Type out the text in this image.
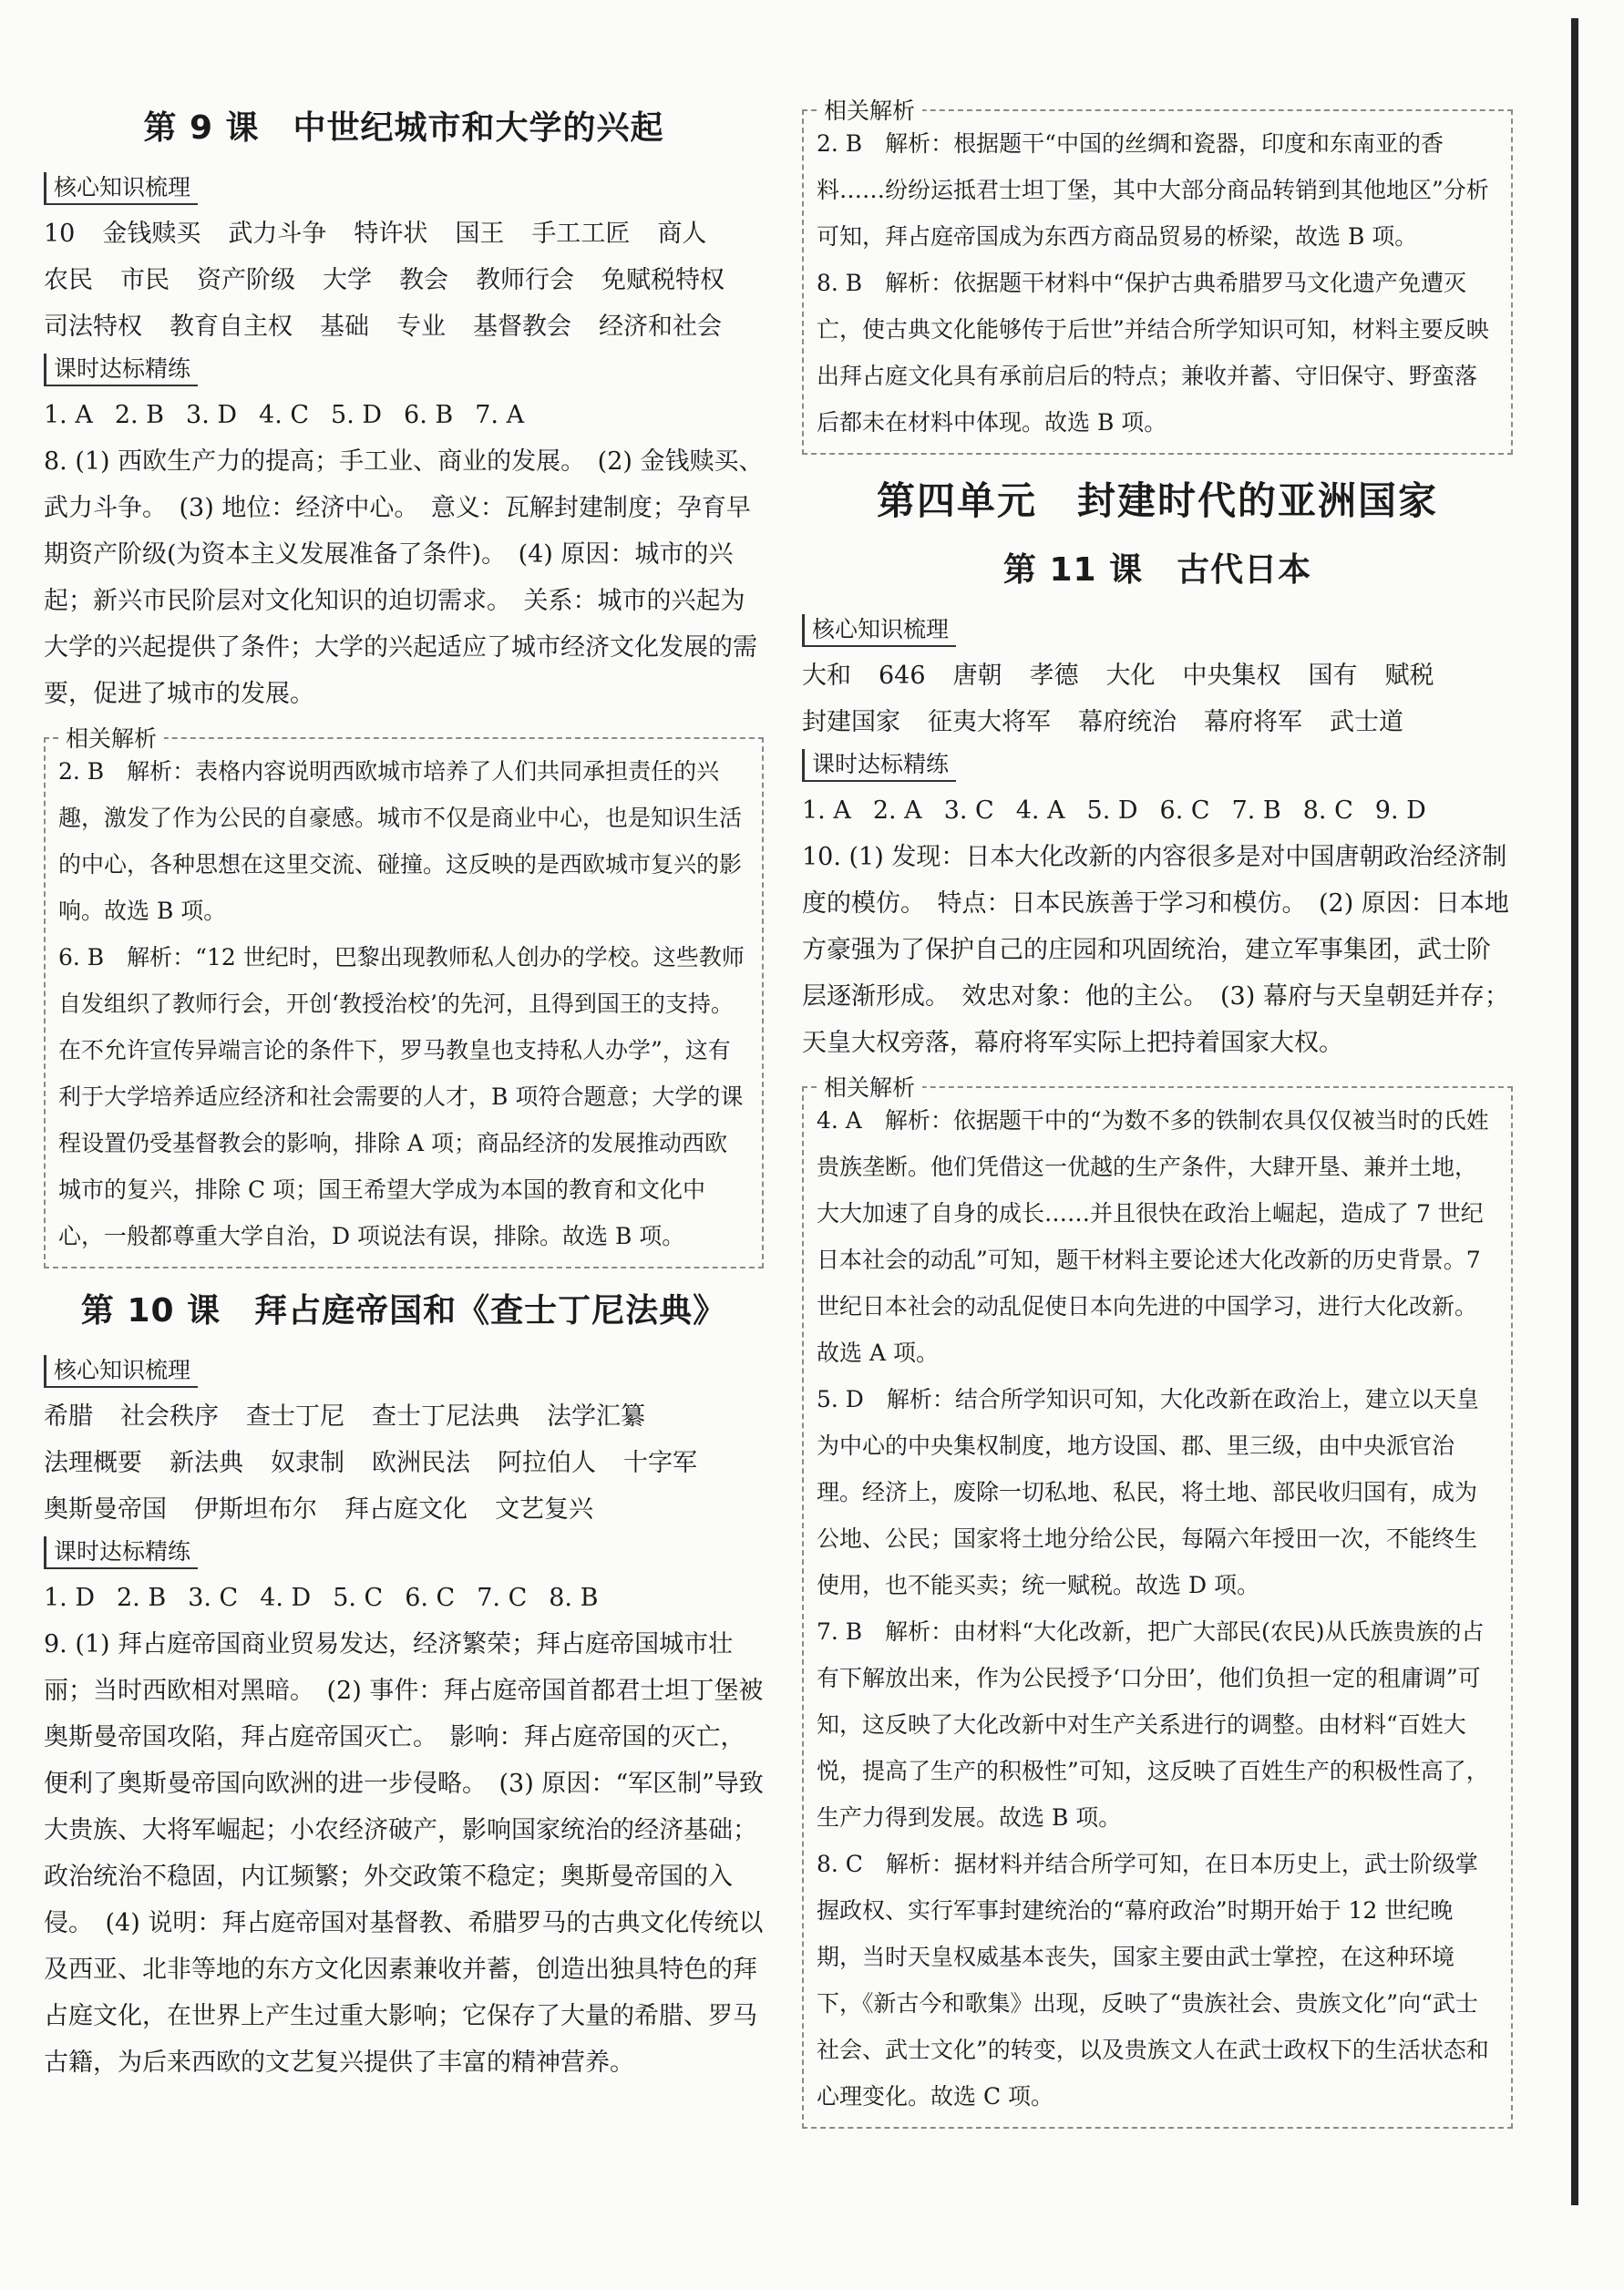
第 9 课　中世纪城市和大学的兴起
核心知识梳理

10 金钱赎买 武力斗争 特许状 国王 手工工匠 商人农民 市民 资产阶级 大学 教会 教师行会 免赋税特权司法特权 教育自主权 基础 专业 基督教会 经济和社会

课时达标精练

1. A 2. B 3. D 4. C 5. D 6. B 7. A

8. (1) 西欧生产力的提高；手工业、商业的发展。　(2) 金钱赎买、武力斗争。　(3) 地位：经济中心。　意义：瓦解封建制度；孕育早期资产阶级(为资本主义发展准备了条件)。　(4) 原因：城市的兴起；新兴市民阶层对文化知识的迫切需求。　关系：城市的兴起为大学的兴起提供了条件；大学的兴起适应了城市经济文化发展的需要，促进了城市的发展。

相关解析

2. B　解析：表格内容说明西欧城市培养了人们共同承担责任的兴趣，激发了作为公民的自豪感。城市不仅是商业中心，也是知识生活的中心，各种思想在这里交流、碰撞。这反映的是西欧城市复兴的影响。故选 B 项。

6. B　解析：“12 世纪时，巴黎出现教师私人创办的学校。这些教师自发组织了教师行会，开创‘教授治校’的先河，且得到国王的支持。在不允许宣传异端言论的条件下，罗马教皇也支持私人办学”，这有利于大学培养适应经济和社会需要的人才，B 项符合题意；大学的课程设置仍受基督教会的影响，排除 A 项；商品经济的发展推动西欧城市的复兴，排除 C 项；国王希望大学成为本国的教育和文化中心，一般都尊重大学自治，D 项说法有误，排除。故选 B 项。

第 10 课　拜占庭帝国和《查士丁尼法典》
核心知识梳理

希腊 社会秩序 查士丁尼 查士丁尼法典 法学汇纂法理概要 新法典 奴隶制 欧洲民法 阿拉伯人 十字军奥斯曼帝国 伊斯坦布尔 拜占庭文化 文艺复兴

课时达标精练

1. D 2. B 3. C 4. D 5. C 6. C 7. C 8. B

9. (1) 拜占庭帝国商业贸易发达，经济繁荣；拜占庭帝国城市壮丽；当时西欧相对黑暗。　(2) 事件：拜占庭帝国首都君士坦丁堡被奥斯曼帝国攻陷，拜占庭帝国灭亡。　影响：拜占庭帝国的灭亡，便利了奥斯曼帝国向欧洲的进一步侵略。　(3) 原因：“军区制”导致大贵族、大将军崛起；小农经济破产，影响国家统治的经济基础；政治统治不稳固，内讧频繁；外交政策不稳定；奥斯曼帝国的入侵。　(4) 说明：拜占庭帝国对基督教、希腊罗马的古典文化传统以及西亚、北非等地的东方文化因素兼收并蓄，创造出独具特色的拜占庭文化，在世界上产生过重大影响；它保存了大量的希腊、罗马古籍，为后来西欧的文艺复兴提供了丰富的精神营养。

相关解析

2. B　解析：根据题干“中国的丝绸和瓷器，印度和东南亚的香料……纷纷运抵君士坦丁堡，其中大部分商品转销到其他地区”分析可知，拜占庭帝国成为东西方商品贸易的桥梁，故选 B 项。

8. B　解析：依据题干材料中“保护古典希腊罗马文化遗产免遭灭亡，使古典文化能够传于后世”并结合所学知识可知，材料主要反映出拜占庭文化具有承前启后的特点；兼收并蓄、守旧保守、野蛮落后都未在材料中体现。故选 B 项。

第四单元　封建时代的亚洲国家
第 11 课　古代日本
核心知识梳理

大和 646 唐朝 孝德 大化 中央集权 国有 赋税封建国家 征夷大将军 幕府统治 幕府将军 武士道

课时达标精练

1. A 2. A 3. C 4. A 5. D 6. C 7. B 8. C 9. D

10. (1) 发现：日本大化改新的内容很多是对中国唐朝政治经济制度的模仿。　特点：日本民族善于学习和模仿。　(2) 原因：日本地方豪强为了保护自己的庄园和巩固统治，建立军事集团，武士阶层逐渐形成。　效忠对象：他的主公。　(3) 幕府与天皇朝廷并存；天皇大权旁落，幕府将军实际上把持着国家大权。

相关解析

4. A　解析：依据题干中的“为数不多的铁制农具仅仅被当时的氏姓贵族垄断。他们凭借这一优越的生产条件，大肆开垦、兼并土地，大大加速了自身的成长……并且很快在政治上崛起，造成了 7 世纪日本社会的动乱”可知，题干材料主要论述大化改新的历史背景。7 世纪日本社会的动乱促使日本向先进的中国学习，进行大化改新。故选 A 项。

5. D　解析：结合所学知识可知，大化改新在政治上，建立以天皇为中心的中央集权制度，地方设国、郡、里三级，由中央派官治理。经济上，废除一切私地、私民，将土地、部民收归国有，成为公地、公民；国家将土地分给公民，每隔六年授田一次，不能终生使用，也不能买卖；统一赋税。故选 D 项。

7. B　解析：由材料“大化改新，把广大部民(农民)从氏族贵族的占有下解放出来，作为公民授予‘口分田’，他们负担一定的租庸调”可知，这反映了大化改新中对生产关系进行的调整。由材料“百姓大悦，提高了生产的积极性”可知，这反映了百姓生产的积极性高了，生产力得到发展。故选 B 项。

8. C　解析：据材料并结合所学可知，在日本历史上，武士阶级掌握政权、实行军事封建统治的“幕府政治”时期开始于 12 世纪晚期，当时天皇权威基本丧失，国家主要由武士掌控，在这种环境下，《新古今和歌集》出现，反映了“贵族社会、贵族文化”向“武士社会、武士文化”的转变，以及贵族文人在武士政权下的生活状态和心理变化。故选 C 项。
